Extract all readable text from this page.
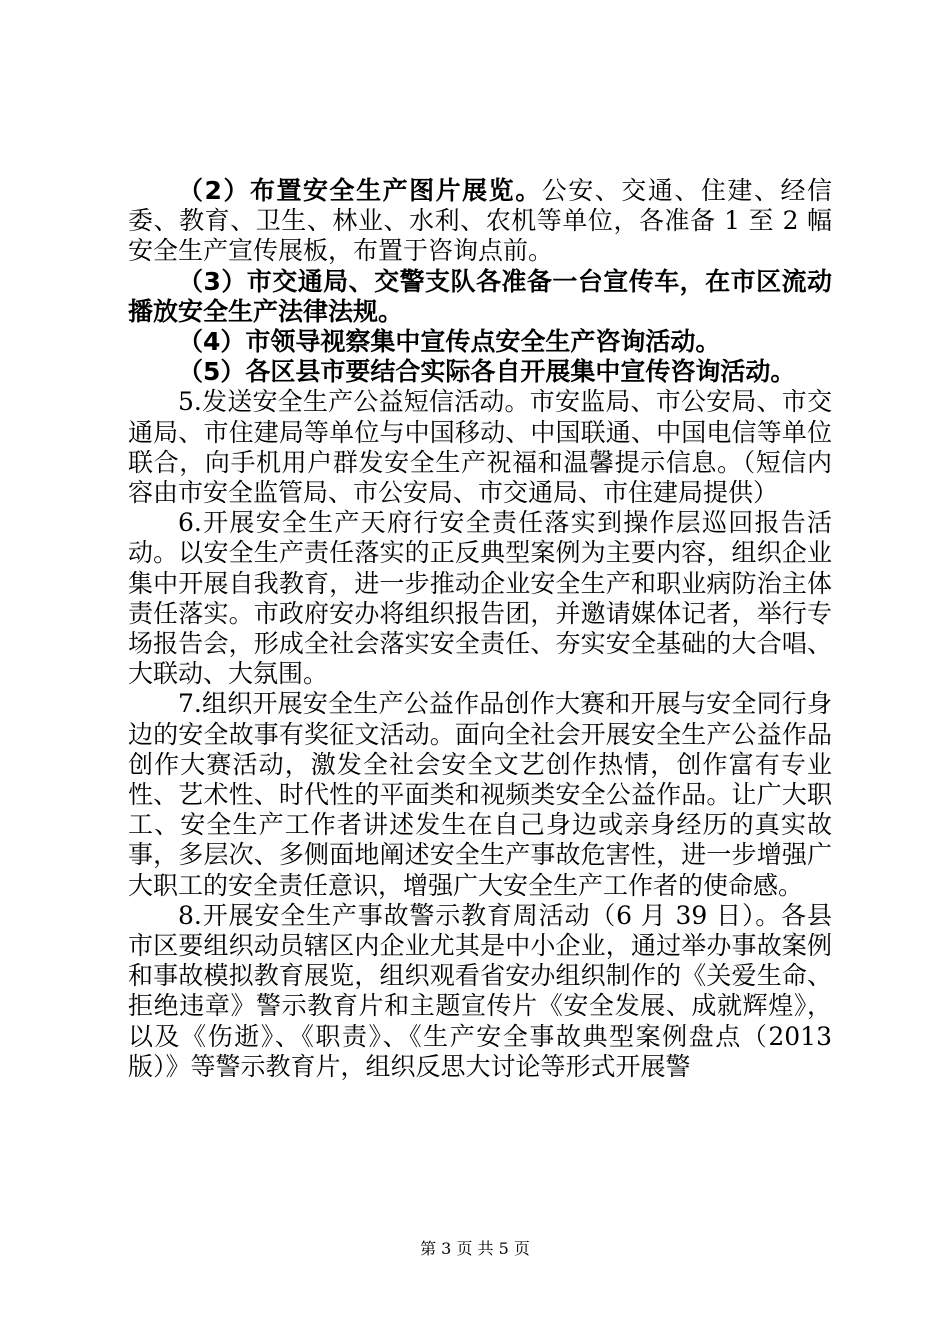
（2）布置安全生产图片展览。公安、交通、住建、经信委、教育、卫生、林业、水利、农机等单位，各准备 1 至 2 幅安全生产宣传展板，布置于咨询点前。

（3）市交通局、交警支队各准备一台宣传车，在市区流动播放安全生产法律法规。

（4）市领导视察集中宣传点安全生产咨询活动。

（5）各区县市要结合实际各自开展集中宣传咨询活动。

5.发送安全生产公益短信活动。市安监局、市公安局、市交通局、市住建局等单位与中国移动、中国联通、中国电信等单位联合，向手机用户群发安全生产祝福和温馨提示信息。（短信内容由市安全监管局、市公安局、市交通局、市住建局提供）

6.开展安全生产天府行安全责任落实到操作层巡回报告活动。以安全生产责任落实的正反典型案例为主要内容，组织企业集中开展自我教育，进一步推动企业安全生产和职业病防治主体责任落实。市政府安办将组织报告团，并邀请媒体记者，举行专场报告会，形成全社会落实安全责任、夯实安全基础的大合唱、大联动、大氛围。

7.组织开展安全生产公益作品创作大赛和开展与安全同行身边的安全故事有奖征文活动。面向全社会开展安全生产公益作品创作大赛活动，激发全社会安全文艺创作热情，创作富有专业性、艺术性、时代性的平面类和视频类安全公益作品。让广大职工、安全生产工作者讲述发生在自己身边或亲身经历的真实故事，多层次、多侧面地阐述安全生产事故危害性，进一步增强广大职工的安全责任意识，增强广大安全生产工作者的使命感。

8.开展安全生产事故警示教育周活动（6 月 39 日）。各县市区要组织动员辖区内企业尤其是中小企业，通过举办事故案例和事故模拟教育展览，组织观看省安办组织制作的《关爱生命、拒绝违章》警示教育片和主题宣传片《安全发展、成就辉煌》，以及《伤逝》、《职责》、《生产安全事故典型案例盘点（2013 版）》等警示教育片，组织反思大讨论等形式开展警

第 3 页 共 5 页
